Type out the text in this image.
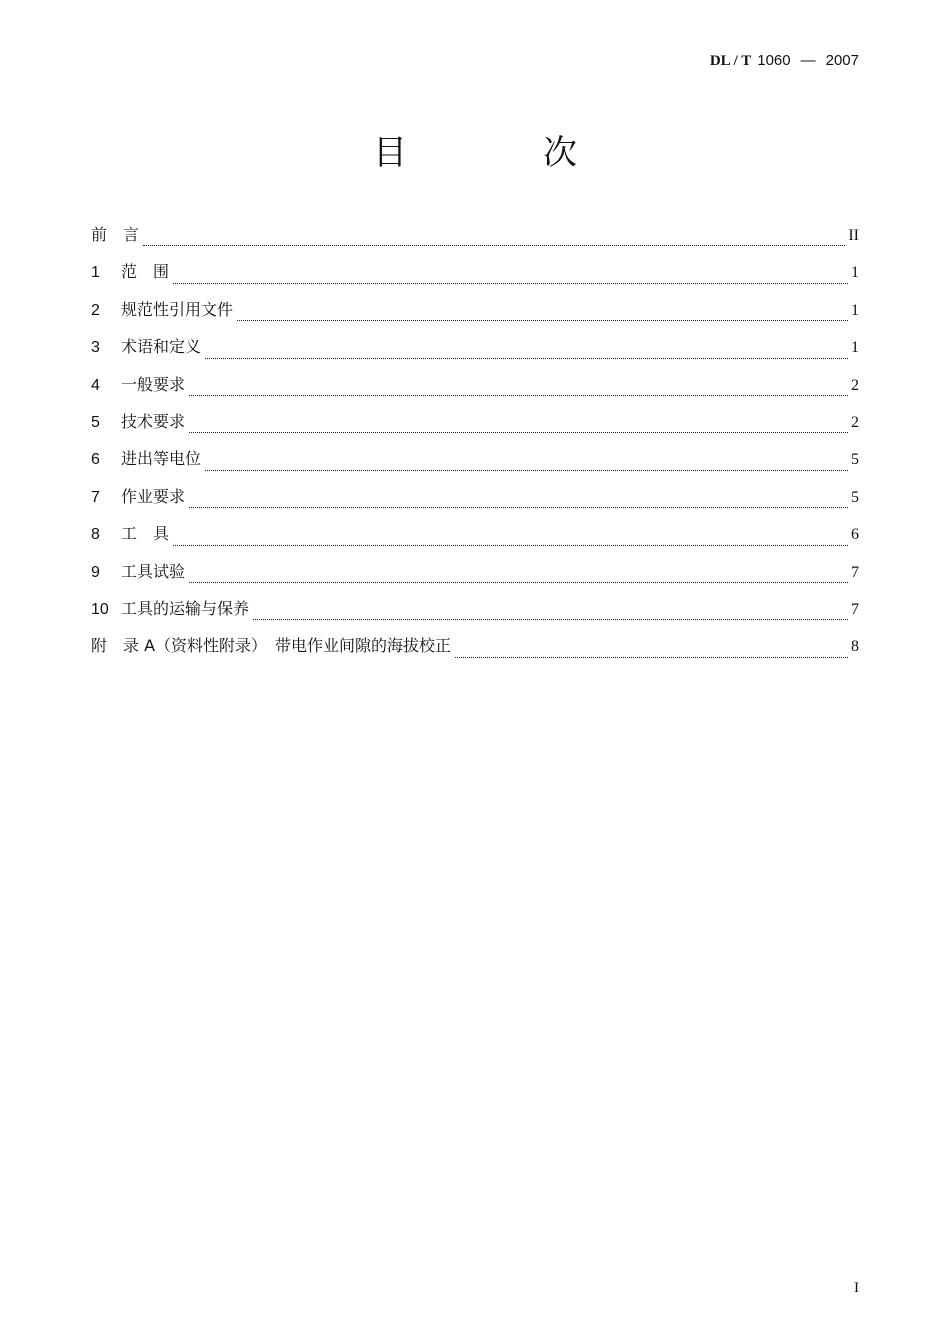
DL / T 1060 — 2007
目	次
前　言	II
1	范　围	1
2	规范性引用文件	1
3	术语和定义	1
4	一般要求	2
5	技术要求	2
6	进出等电位	5
7	作业要求	5
8	工　具	6
9	工具试验	7
10 工具的运输与保养	7
附　录 A（资料性附录）　带电作业间隙的海拔校正	8
I
